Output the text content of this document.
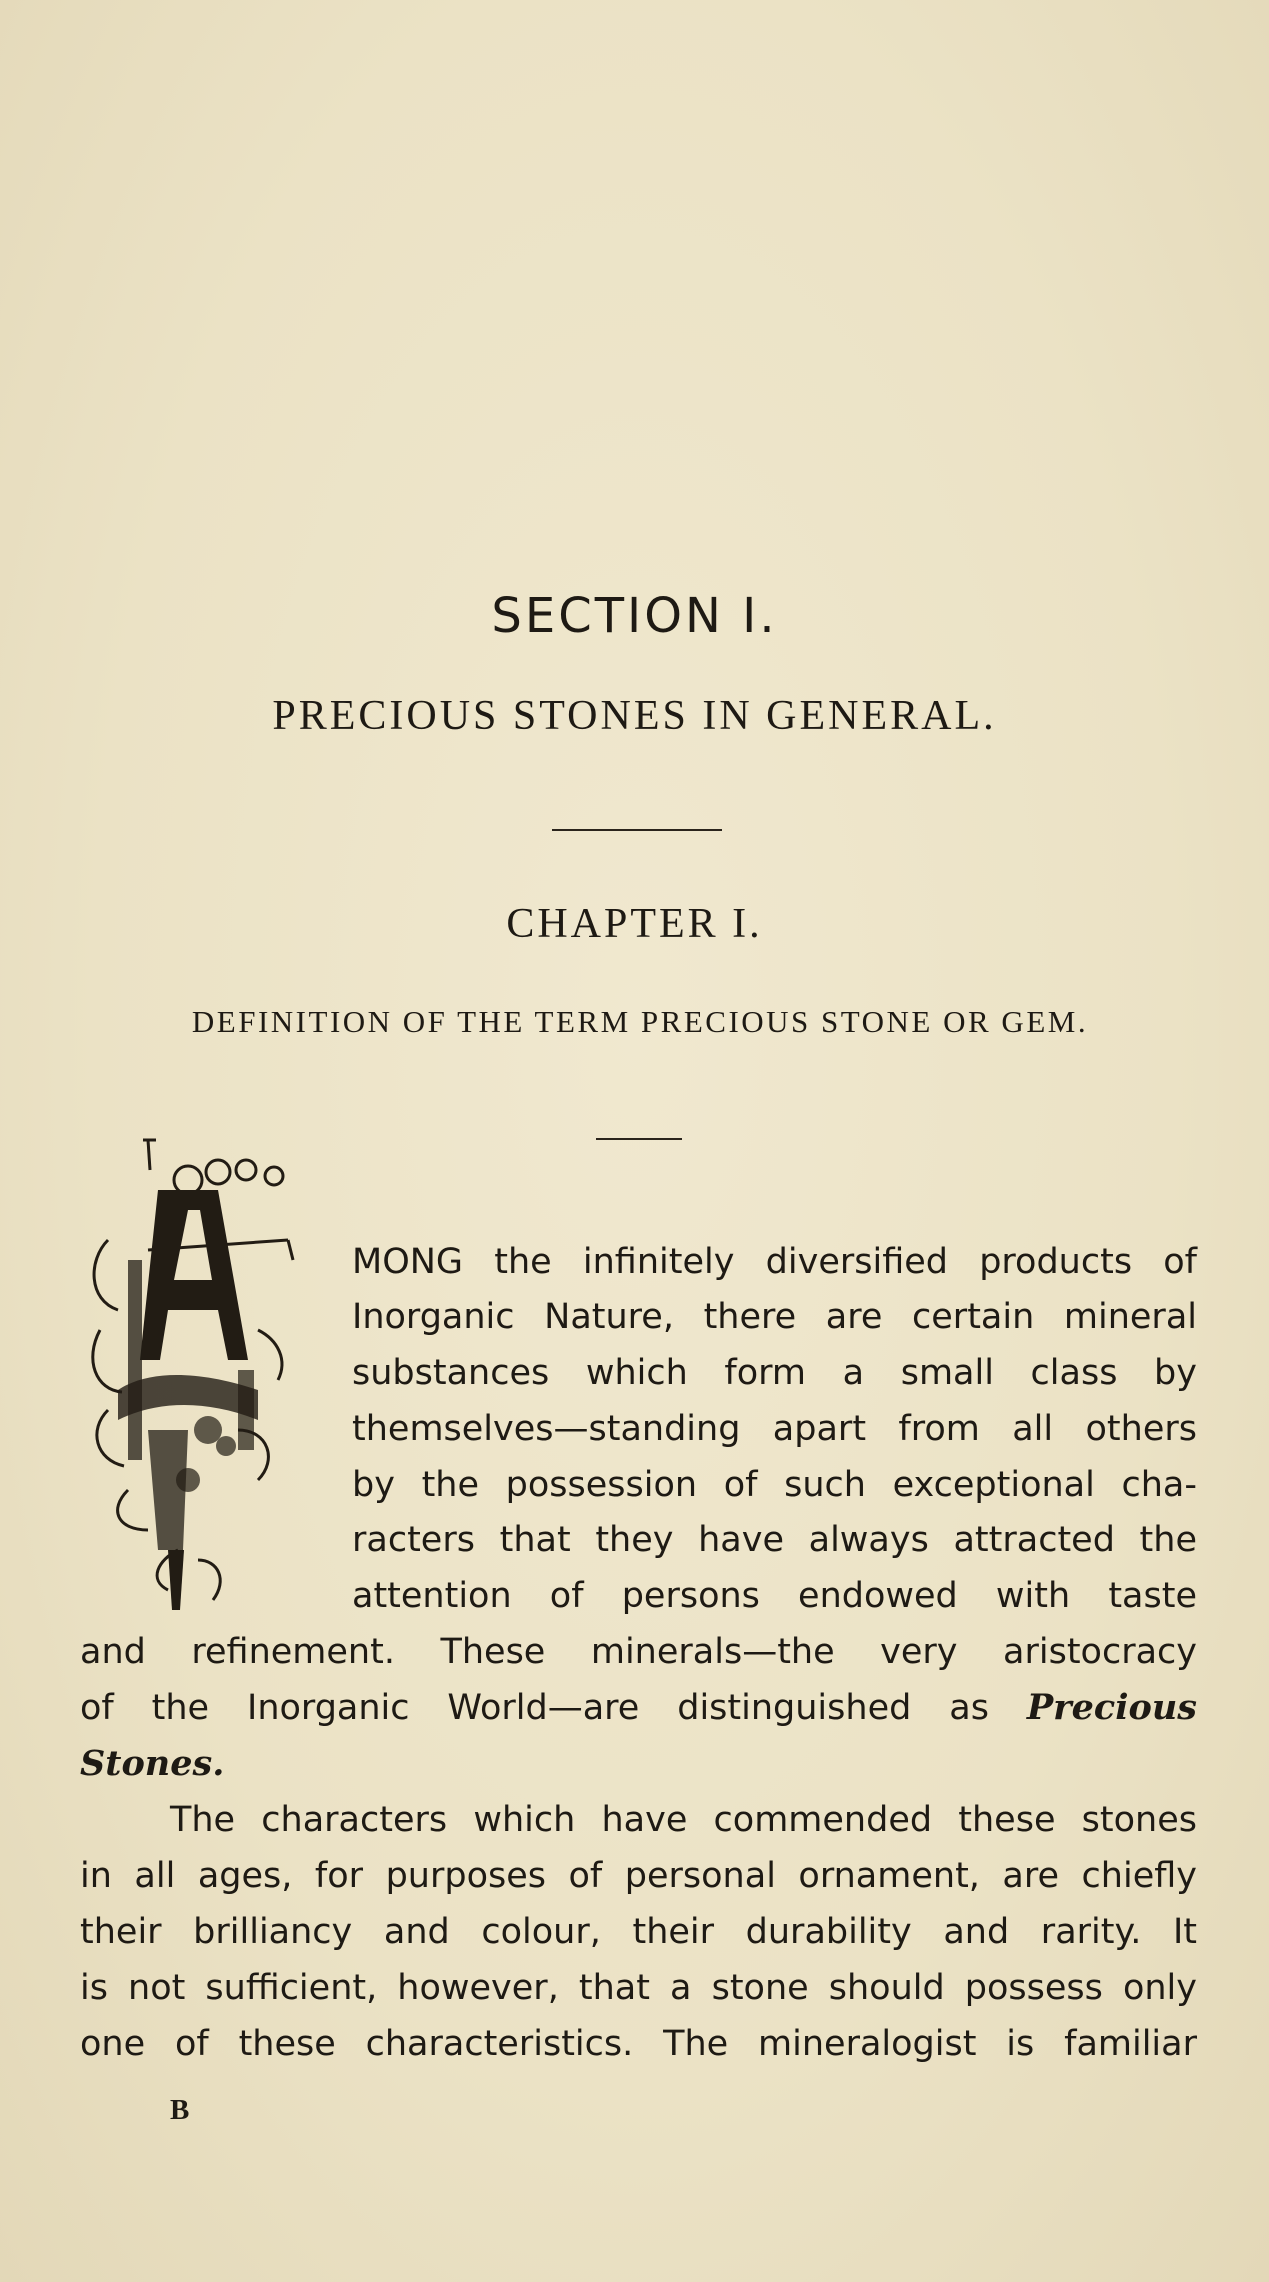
SECTION I.
PRECIOUS STONES IN GENERAL.
CHAPTER I.
DEFINITION OF THE TERM PRECIOUS STONE OR GEM.
MONG the infinitely diversified products of
Inorganic Nature, there are certain mineral
substances which form a small class by
themselves—standing apart from all others
by the possession of such exceptional cha-
racters that they have always attracted the
attention of persons endowed with taste
and refinement. These minerals—the very aristocracy
of the Inorganic World—are distinguished as Precious
Stones.
The characters which have commended these stones
in all ages, for purposes of personal ornament, are chiefly
their brilliancy and colour, their durability and rarity. It
is not sufficient, however, that a stone should possess only
one of these characteristics. The mineralogist is familiar
B
